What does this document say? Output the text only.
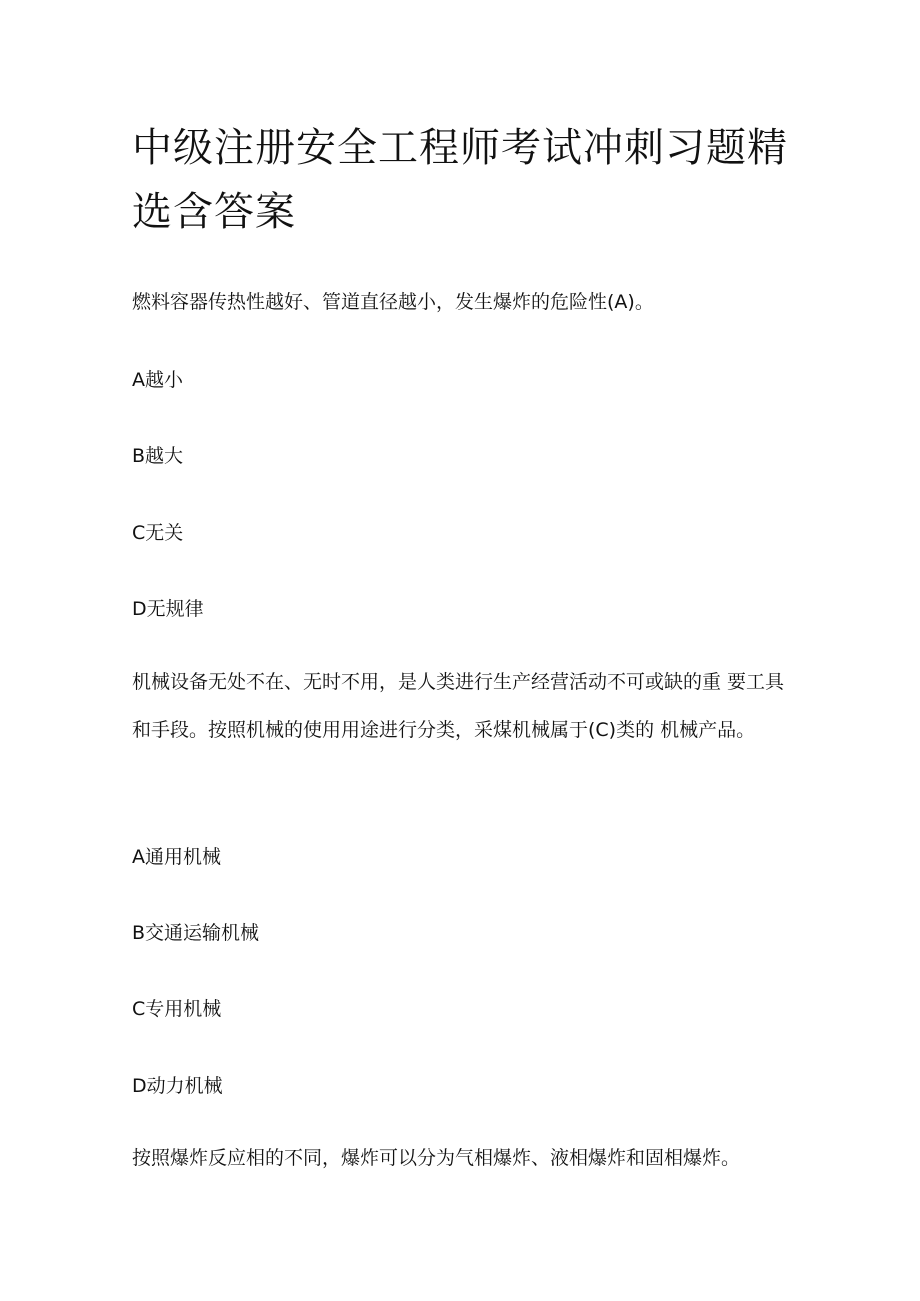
中级注册安全工程师考试冲刺习题精选含答案

燃料容器传热性越好、管道直径越小，发生爆炸的危险性(A)。

A越小

B越大

C无关

D无规律

机械设备无处不在、无时不用，是人类进行生产经营活动不可或缺的重 要工具和手段。按照机械的使用用途进行分类，采煤机械属于(C)类的 机械产品。

A通用机械

B交通运输机械

C专用机械

D动力机械

按照爆炸反应相的不同，爆炸可以分为气相爆炸、液相爆炸和固相爆炸。
